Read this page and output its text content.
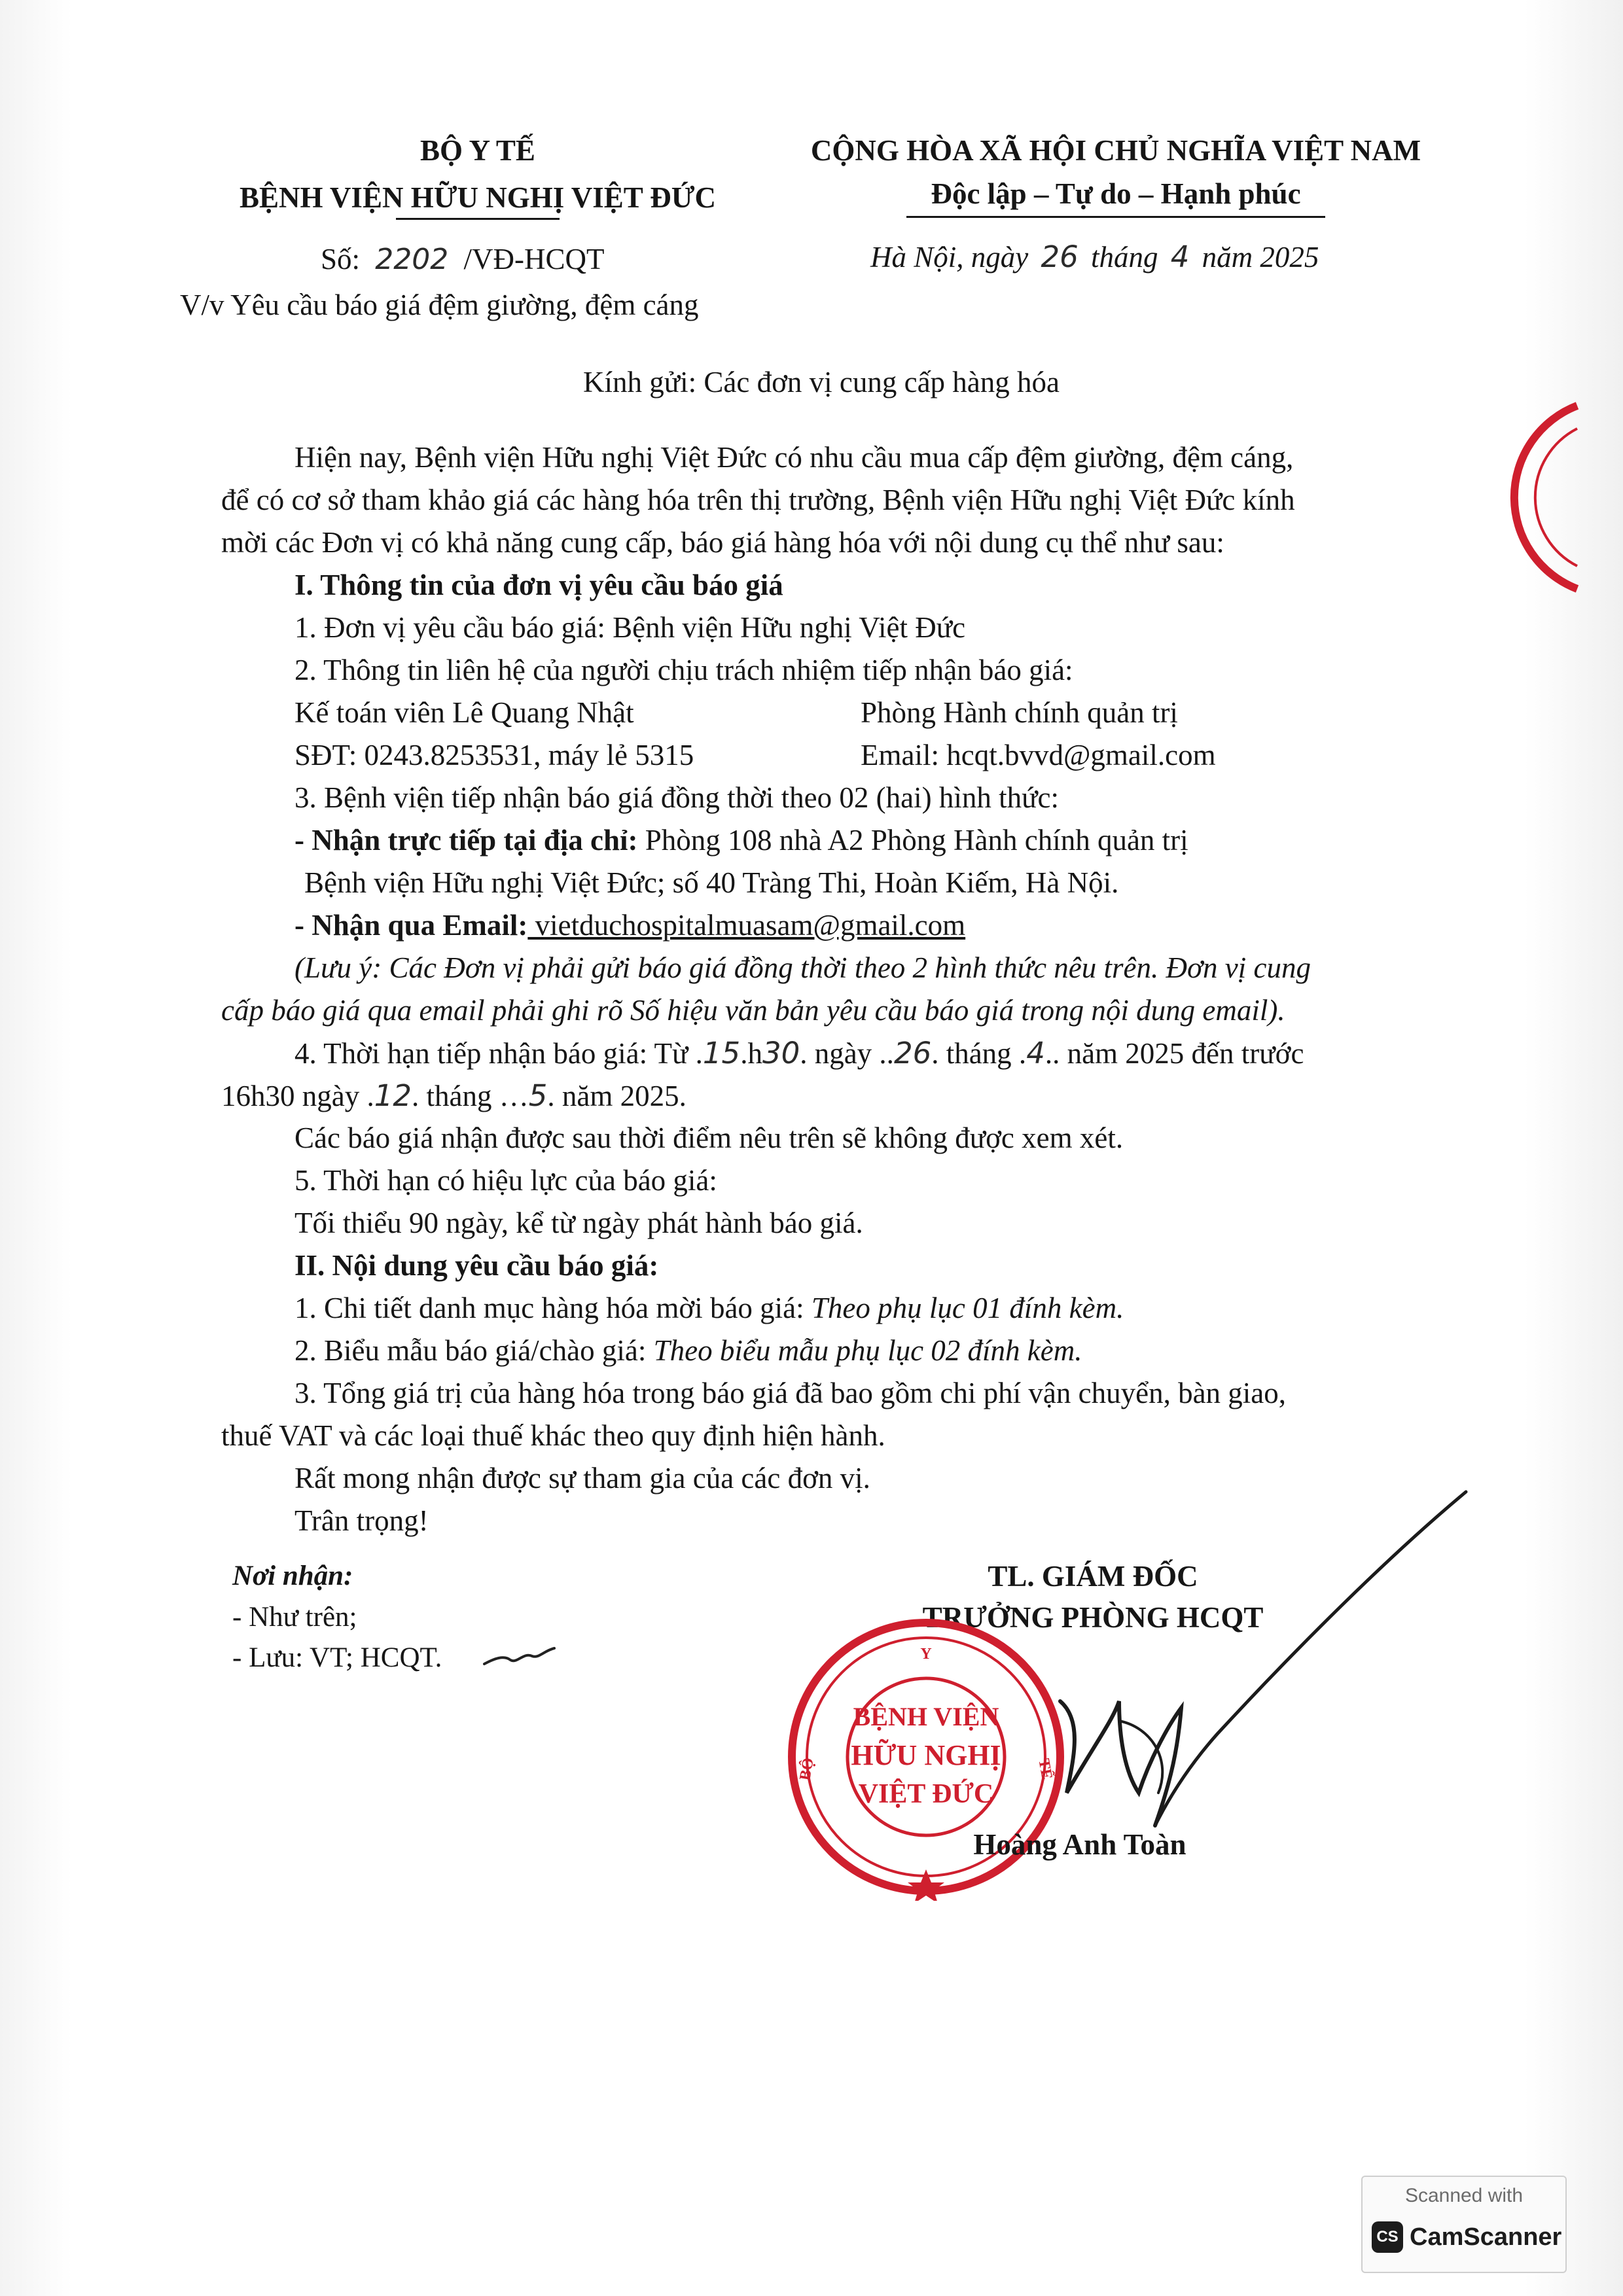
BỘ Y TẾ
BỆNH VIỆN HỮU NGHỊ VIỆT ĐỨC
Số: 2202 /VĐ-HCQT
V/v Yêu cầu báo giá đệm giường, đệm cáng
CỘNG HÒA XÃ HỘI CHỦ NGHĨA VIỆT NAM
Độc lập – Tự do – Hạnh phúc
Hà Nội, ngày 26 tháng 4 năm 2025
Kính gửi: Các đơn vị cung cấp hàng hóa
Hiện nay, Bệnh viện Hữu nghị Việt Đức có nhu cầu mua cấp đệm giường, đệm cáng,
để có cơ sở tham khảo giá các hàng hóa trên thị trường, Bệnh viện Hữu nghị Việt Đức kính
mời các Đơn vị có khả năng cung cấp, báo giá hàng hóa với nội dung cụ thể như sau:
I. Thông tin của đơn vị yêu cầu báo giá
1. Đơn vị yêu cầu báo giá: Bệnh viện Hữu nghị Việt Đức
2. Thông tin liên hệ của người chịu trách nhiệm tiếp nhận báo giá:
Kế toán viên Lê Quang Nhật	Phòng Hành chính quản trị
SĐT: 0243.8253531, máy lẻ 5315	Email: hcqt.bvvd@gmail.com
3. Bệnh viện tiếp nhận báo giá đồng thời theo 02 (hai) hình thức:
- Nhận trực tiếp tại địa chỉ: Phòng 108 nhà A2 Phòng Hành chính quản trị
Bệnh viện Hữu nghị Việt Đức; số 40 Tràng Thi, Hoàn Kiếm, Hà Nội.
- Nhận qua Email: vietduchospitalmuasam@gmail.com
(Lưu ý: Các Đơn vị phải gửi báo giá đồng thời theo 2 hình thức nêu trên. Đơn vị cung
cấp báo giá qua email phải ghi rõ Số hiệu văn bản yêu cầu báo giá trong nội dung email).
4. Thời hạn tiếp nhận báo giá: Từ .15.h30. ngày ..26. tháng .4.. năm 2025 đến trước
16h30 ngày .12. tháng …5. năm 2025.
Các báo giá nhận được sau thời điểm nêu trên sẽ không được xem xét.
5. Thời hạn có hiệu lực của báo giá:
Tối thiểu 90 ngày, kể từ ngày phát hành báo giá.
II. Nội dung yêu cầu báo giá:
1. Chi tiết danh mục hàng hóa mời báo giá: Theo phụ lục 01 đính kèm.
2. Biểu mẫu báo giá/chào giá: Theo biểu mẫu phụ lục 02 đính kèm.
3. Tổng giá trị của hàng hóa trong báo giá đã bao gồm chi phí vận chuyển, bàn giao,
thuế VAT và các loại thuế khác theo quy định hiện hành.
Rất mong nhận được sự tham gia của các đơn vị.
Trân trọng!
Nơi nhận:
- Như trên;
- Lưu: VT; HCQT.
TL. GIÁM ĐỐC
TRƯỞNG PHÒNG HCQT
BỆNH VIỆN
HỮU NGHỊ
VIỆT ĐỨC
BỘ
Y
TẾ
Hoàng Anh Toàn
Scanned with
CS CamScanner
